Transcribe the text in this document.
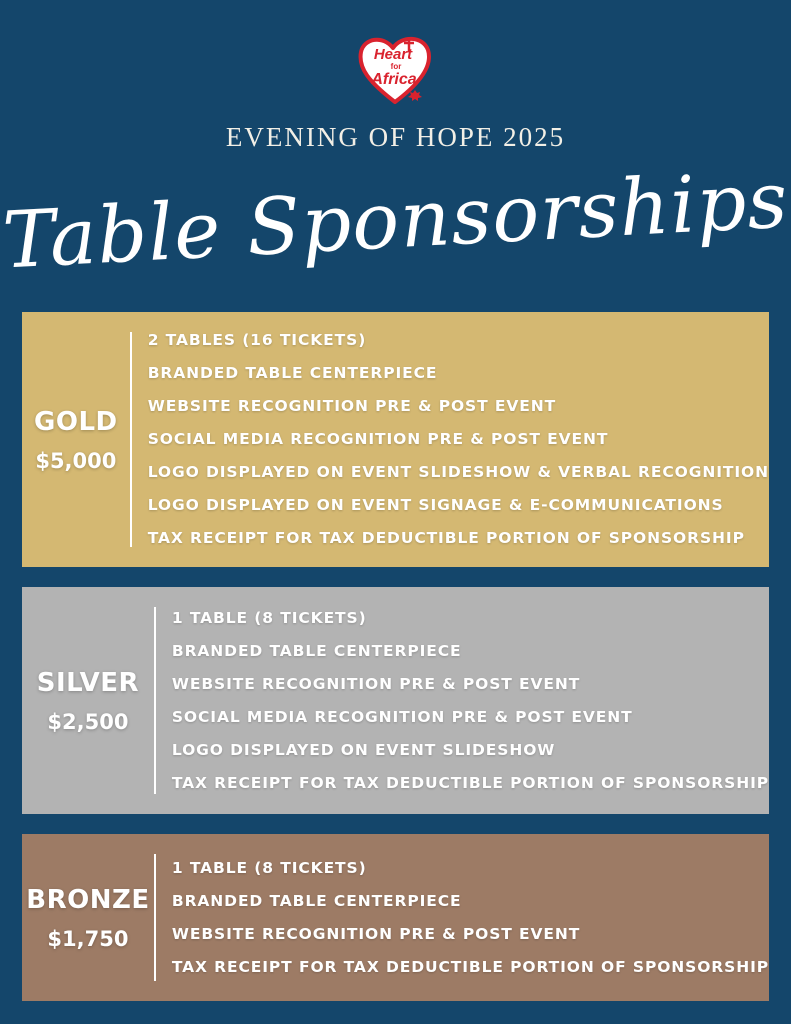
Heart
for
Africa
EVENING OF HOPE 2025
Table Sponsorships
GOLD
$5,000
2 TABLES (16 TICKETS)
BRANDED TABLE CENTERPIECE
WEBSITE RECOGNITION PRE & POST EVENT
SOCIAL MEDIA RECOGNITION PRE & POST EVENT
LOGO DISPLAYED ON EVENT SLIDESHOW & VERBAL RECOGNITION
LOGO DISPLAYED ON EVENT SIGNAGE & E-COMMUNICATIONS
TAX RECEIPT FOR TAX DEDUCTIBLE PORTION OF SPONSORSHIP
SILVER
$2,500
1 TABLE (8 TICKETS)
BRANDED TABLE CENTERPIECE
WEBSITE RECOGNITION PRE & POST EVENT
SOCIAL MEDIA RECOGNITION PRE & POST EVENT
LOGO DISPLAYED ON EVENT SLIDESHOW
TAX RECEIPT FOR TAX DEDUCTIBLE PORTION OF SPONSORSHIP
BRONZE
$1,750
1 TABLE (8 TICKETS)
BRANDED TABLE CENTERPIECE
WEBSITE RECOGNITION PRE & POST EVENT
TAX RECEIPT FOR TAX DEDUCTIBLE PORTION OF SPONSORSHIP
